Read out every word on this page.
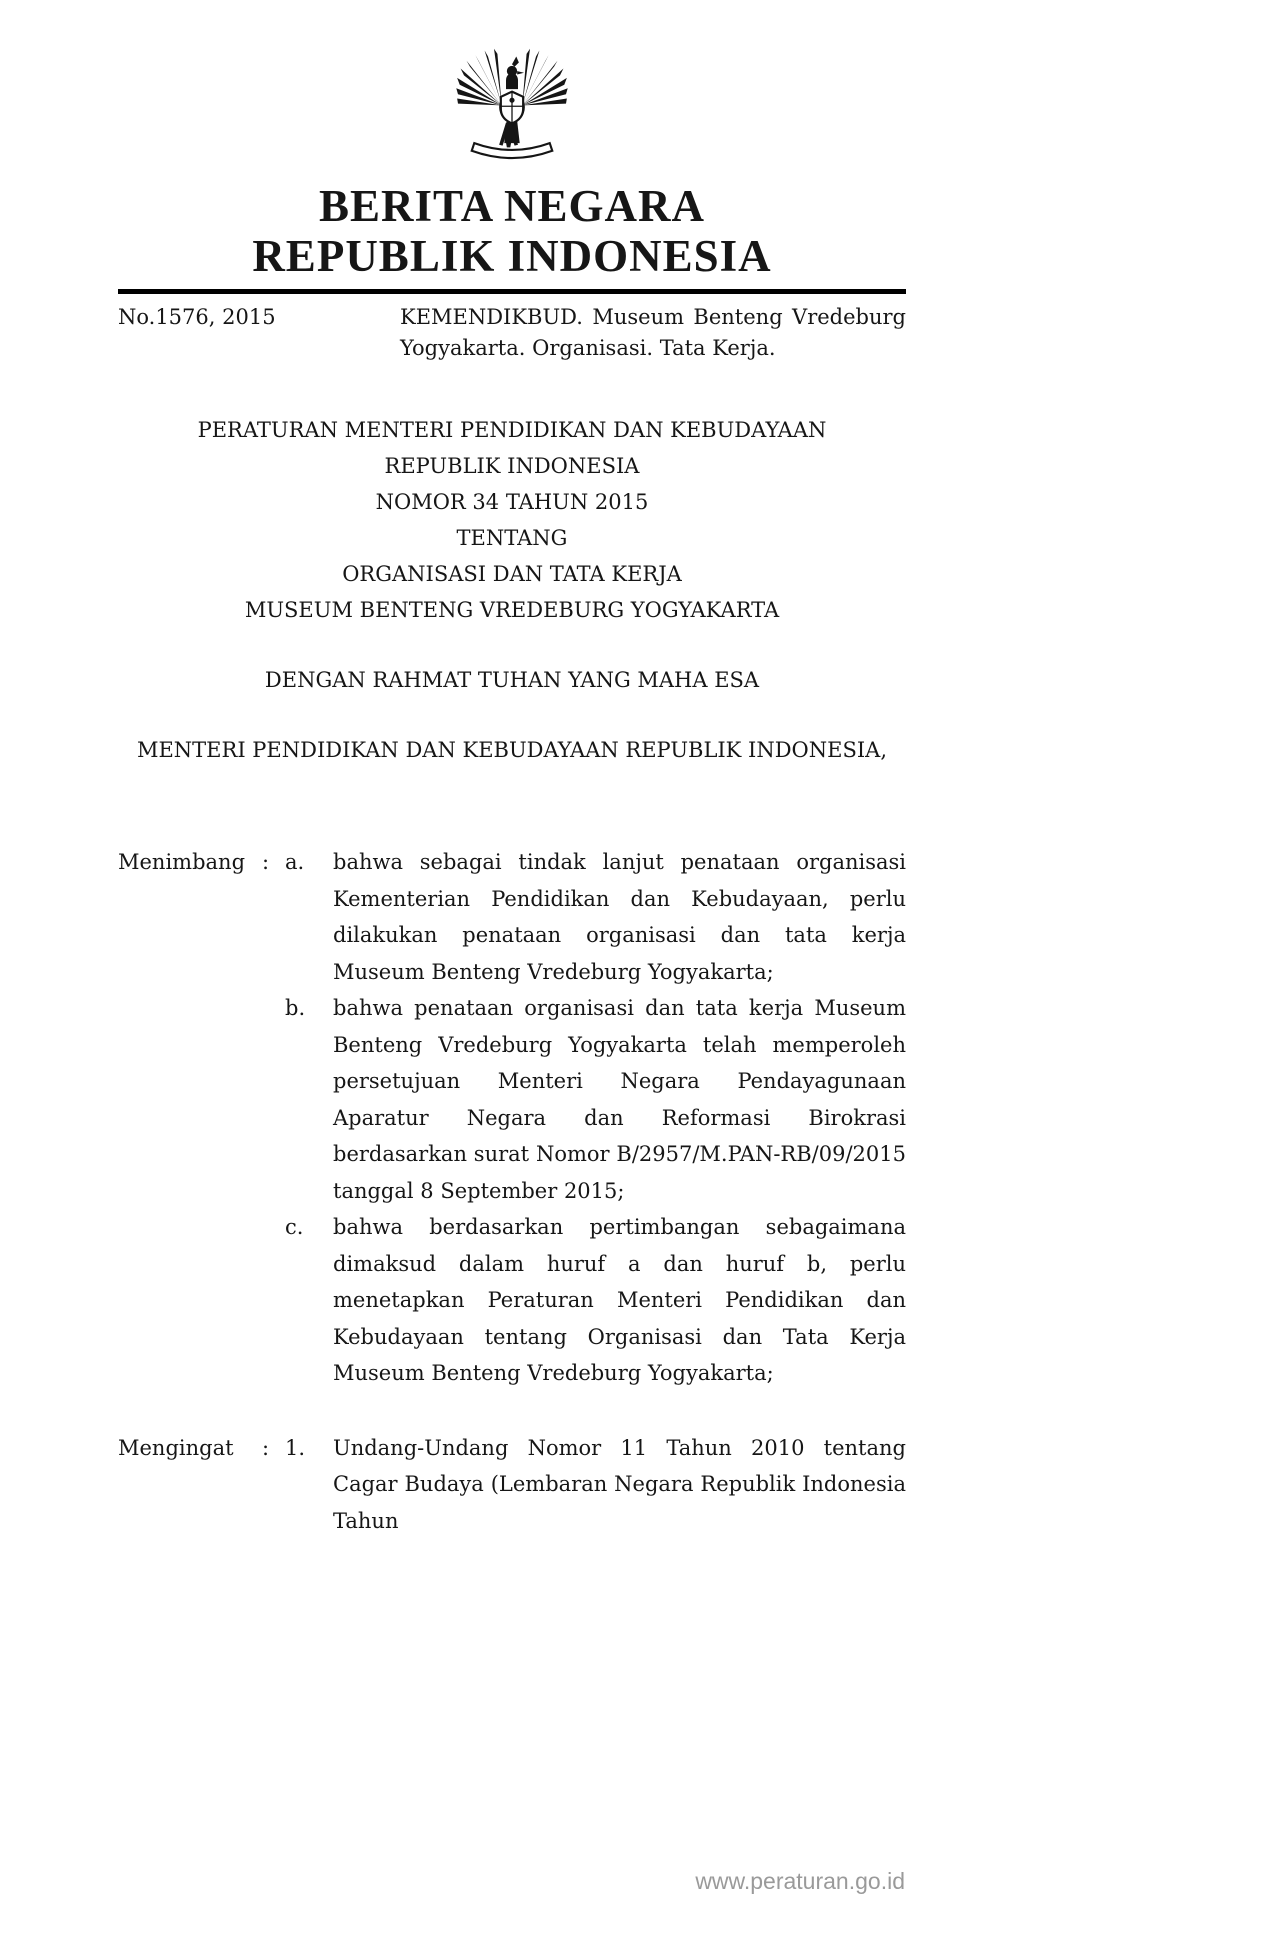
BERITA NEGARA
REPUBLIK INDONESIA
No.1576, 2015	KEMENDIKBUD. Museum Benteng Vredeburg Yogyakarta. Organisasi. Tata Kerja.
PERATURAN MENTERI PENDIDIKAN DAN KEBUDAYAAN
REPUBLIK INDONESIA
NOMOR 34 TAHUN 2015
TENTANG
ORGANISASI DAN TATA KERJA
MUSEUM BENTENG VREDEBURG YOGYAKARTA
DENGAN RAHMAT TUHAN YANG MAHA ESA
MENTERI PENDIDIKAN DAN KEBUDAYAAN REPUBLIK INDONESIA,
Menimbang : a.	bahwa sebagai tindak lanjut penataan organisasi Kementerian Pendidikan dan Kebudayaan, perlu dilakukan penataan organisasi dan tata kerja Museum Benteng Vredeburg Yogyakarta;
b.	bahwa penataan organisasi dan tata kerja Museum Benteng Vredeburg Yogyakarta telah memperoleh persetujuan Menteri Negara Pendayagunaan Aparatur Negara dan Reformasi Birokrasi berdasarkan surat Nomor B/2957/M.PAN-RB/09/2015 tanggal 8 September 2015;
c.	bahwa berdasarkan pertimbangan sebagaimana dimaksud dalam huruf a dan huruf b, perlu menetapkan Peraturan Menteri Pendidikan dan Kebudayaan tentang Organisasi dan Tata Kerja Museum Benteng Vredeburg Yogyakarta;
Mengingat	: 1.	Undang-Undang Nomor 11 Tahun 2010 tentang Cagar Budaya (Lembaran Negara Republik Indonesia Tahun
www.peraturan.go.id
